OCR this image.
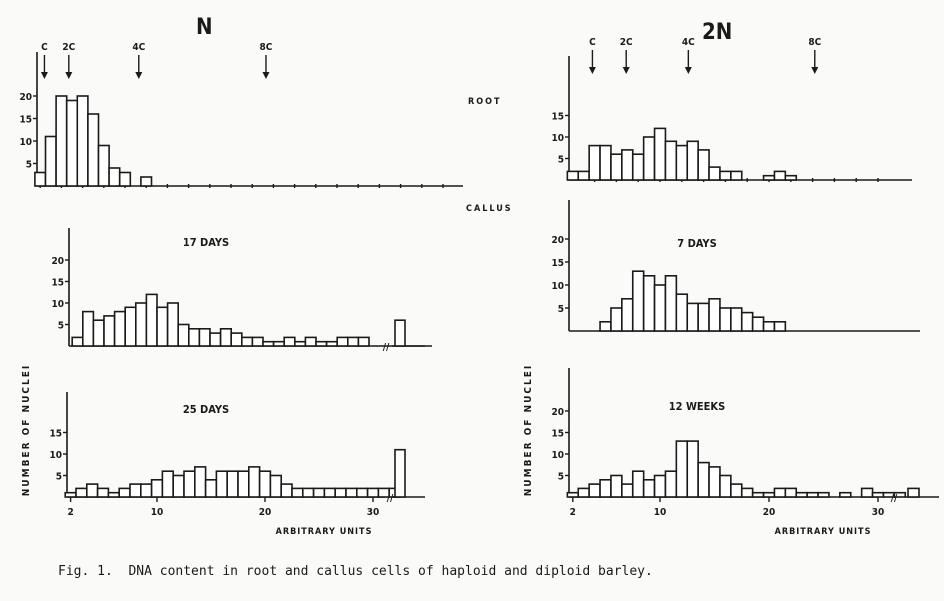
N	2N
ROOT
CALLUS
5
10
15
20
C 2C	4C	8C
5
10
15
20
//
17 DAYS
5
10
15
2	10	20	30
//
25 DAYS
NUMBER OF NUCLEI
ARBITRARY UNITS
5
10
15
C 2C	4C	8C
5
10
15
20	7 DAYS
5
10
15
20
2	10	20	30
//
12 WEEKS
NUMBER OF NUCLEI
ARBITRARY UNITS
Fig. 1.  DNA content in root and callus cells of haploid and diploid barley.
